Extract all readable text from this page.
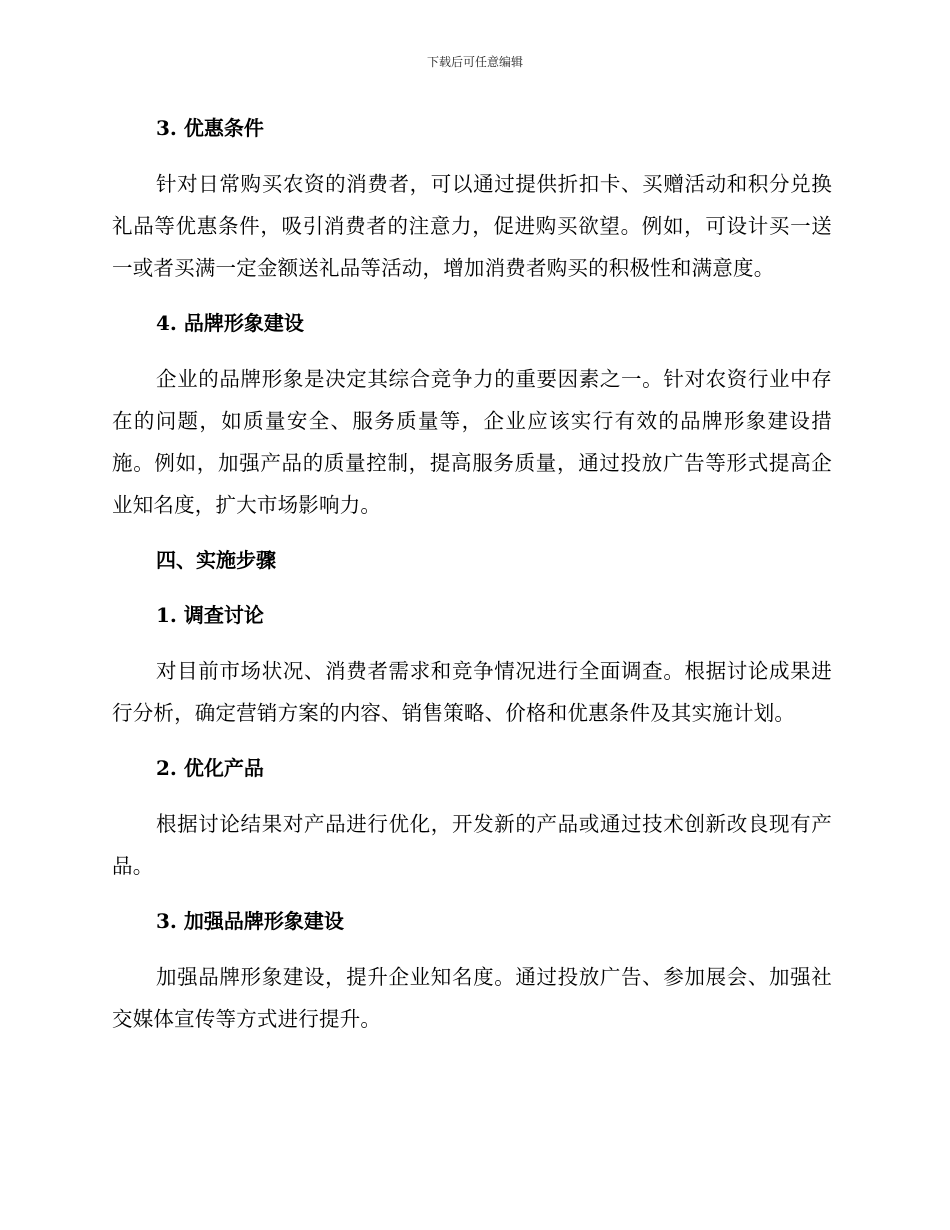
下载后可任意编辑
3. 优惠条件

针对日常购买农资的消费者，可以通过提供折扣卡、买赠活动和积分兑换礼品等优惠条件，吸引消费者的注意力，促进购买欲望。例如，可设计买一送一或者买满一定金额送礼品等活动，增加消费者购买的积极性和满意度。

4. 品牌形象建设

企业的品牌形象是决定其综合竞争力的重要因素之一。针对农资行业中存在的问题，如质量安全、服务质量等，企业应该实行有效的品牌形象建设措施。例如，加强产品的质量控制，提高服务质量，通过投放广告等形式提高企业知名度，扩大市场影响力。

四、实施步骤
1. 调查讨论

对目前市场状况、消费者需求和竞争情况进行全面调查。根据讨论成果进行分析，确定营销方案的内容、销售策略、价格和优惠条件及其实施计划。

2. 优化产品

根据讨论结果对产品进行优化，开发新的产品或通过技术创新改良现有产品。

3. 加强品牌形象建设

加强品牌形象建设，提升企业知名度。通过投放广告、参加展会、加强社交媒体宣传等方式进行提升。
